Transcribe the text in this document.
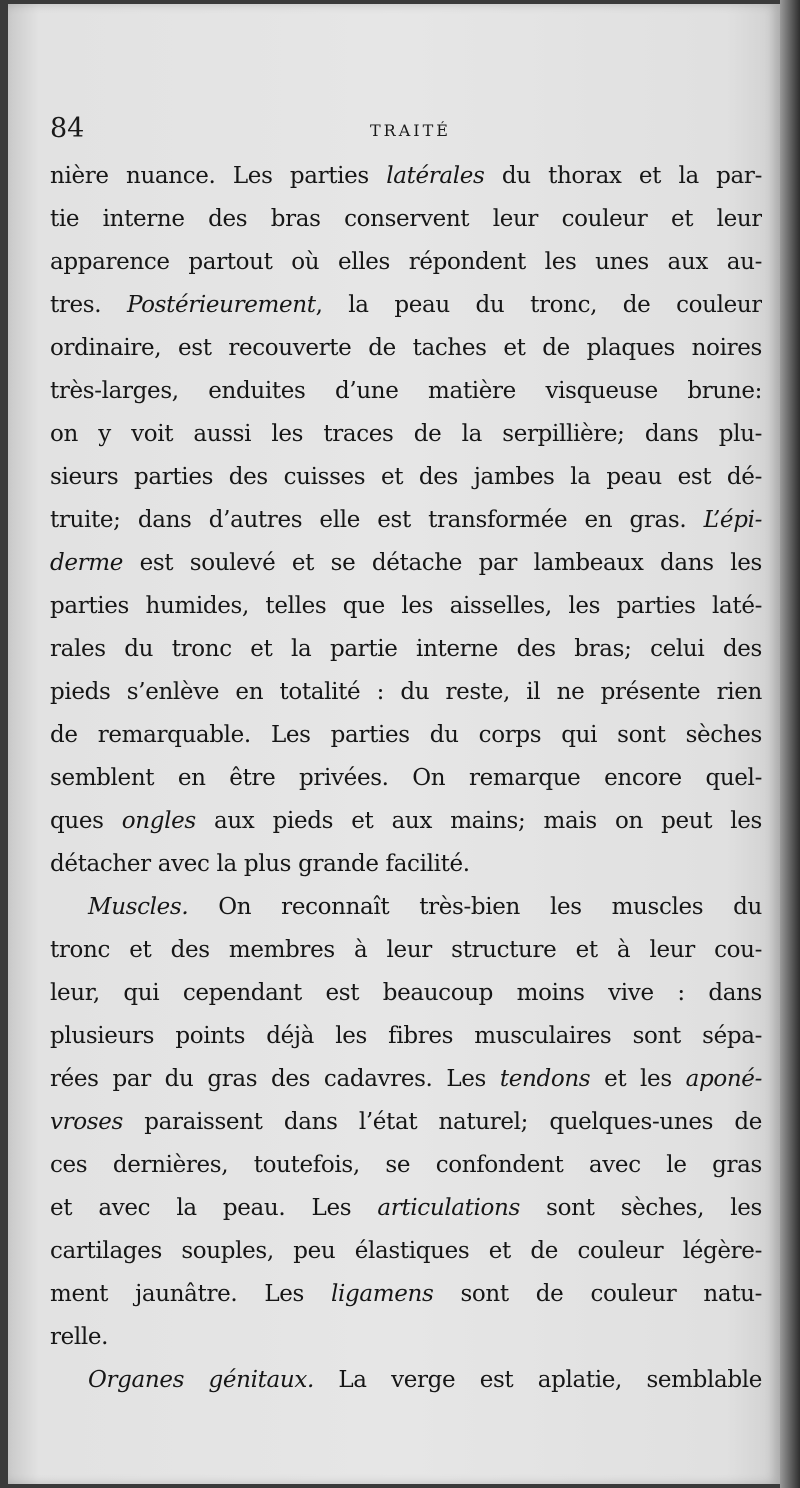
84	TRAITÉ
nière nuance. Les parties latérales du thorax et la par-
tie interne des bras conservent leur couleur et leur
apparence partout où elles répondent les unes aux au-
tres. Postérieurement, la peau du tronc, de couleur
ordinaire, est recouverte de taches et de plaques noires
très-larges, enduites d’une matière visqueuse brune:
on y voit aussi les traces de la serpillière; dans plu-
sieurs parties des cuisses et des jambes la peau est dé-
truite; dans d’autres elle est transformée en gras. L’épi-
derme est soulevé et se détache par lambeaux dans les
parties humides, telles que les aisselles, les parties laté-
rales du tronc et la partie interne des bras; celui des
pieds s’enlève en totalité : du reste, il ne présente rien
de remarquable. Les parties du corps qui sont sèches
semblent en être privées. On remarque encore quel-
ques ongles aux pieds et aux mains; mais on peut les
détacher avec la plus grande facilité.
Muscles. On reconnaît très-bien les muscles du
tronc et des membres à leur structure et à leur cou-
leur, qui cependant est beaucoup moins vive : dans
plusieurs points déjà les fibres musculaires sont sépa-
rées par du gras des cadavres. Les tendons et les aponé-
vroses paraissent dans l’état naturel; quelques-unes de
ces dernières, toutefois, se confondent avec le gras
et avec la peau. Les articulations sont sèches, les
cartilages souples, peu élastiques et de couleur légère-
ment jaunâtre. Les ligamens sont de couleur natu-
relle.
Organes génitaux. La verge est aplatie, semblable
